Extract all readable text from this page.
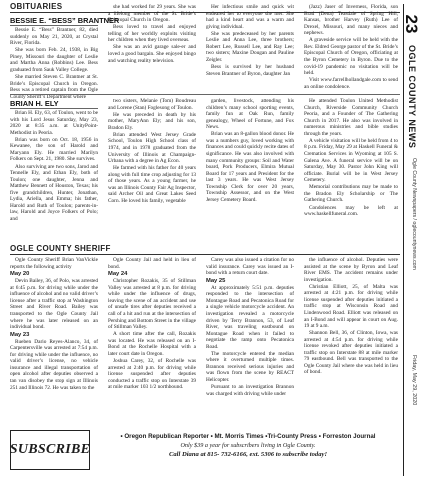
23
OGLE COUNTY NEWS
Ogle County Newspapers / oglecountynews.com
Friday, May 29, 2020
OBITUARIES
BESSIE E. “BESS” BRANTNER

Bessie E. “Bess” Brantner, 82, died suddenly on May 21, 2020, at Crystal River, Florida.

She was born Feb. 24, 1938, in Big Piney, Missouri the daughter of Leslie and Martha Anna (Robbins) Lee. Bess graduated from Sauk Valley College.

She married Steven C. Brantner at St. Bride’s Episcopal Church in Oregon. Bess was a retired captain from the Ogle County Sheriff’s Department where

she had worked for 29 years. She was a lifelong member of the St. Bride’s Episcopal Church in Oregon.

Bess loved to travel and enjoyed telling of her worldly exploits visiting her children when they lived overseas.

She was an avid garage sale-er and loved a good bargain. She enjoyed bingo and watching reality television.

Her infectious smile and quick wit endeared her to everyone she met. She had a kind heart and was a warm and giving individual.

She was predeceased by her parents Leslie and Anna Lee, three brothers; Robert Lee, Russell Lee, and Ray Lee; two sisters; Maxine Dougan and Pauline Zeigler.

Bess is survived by her husband Steven Brantner of Byron, daughter Jan

(Jazz) Jaser of Inverness, Florida, son Brad (Dena) Teasdale of Spring Hill, Kansas, brother Harvey (Ruth) Lee of Drexel, Missouri, and many nieces and nephews.

A graveside service will be held with the Rev. Eldred George pastor of the St. Bride’s Episcopal Church of Oregon, officiating at the Byron Cemetery in Byron. Due to the covid-19 pandemic no visitation will be held.

Visit www.farrellholland​gale.com to send an online condolence.

BRIAN H. ELY

Brian H. Ely, 63, of Toulon, went to be with his Lord Jesus Saturday, May 23, 2020 at 8:35 a.m. at UnityPoint-Methodist in Peoria.

Brian was born on Oct. 18, 1956 in Kewanee, the son of Harold and Maryann Ely. He married Marilyn Folkers on Sept. 21, 1980. She survives.

Also surviving are two sons, Jarod and Tennelle Ely, and Ethan Ely, both of Toulon; one daughter, Jenna and Matthew Bennett of Houston, Texas; his five grandchildren, Hunter, Jonathan, Lydia, Ariella, and Emma; his father, Harold and Ruth of Toulon; parents-in-law, Harold and Joyce Folkers of Polo; and

two sisters, Melanie (Tom) Boudreau and Lorene (Stan) Foglesong of Toulon.

He was preceded in death by his mother, MaryAnn Ely; and his son, Bradon Ely.

Brian attended West Jersey Grade School, Toulon High School class of 1974, and in 1978 graduated from the University of Illinois at Champaign-Urbana with a degree in Ag Econ.

He farmed with his father for 40 years along with full time crop adjusting for 13 of those years. As a young farmer, he was an Illinois County Fair Ag Inspector, said Archer Oil and Great Lakes Seed Corn. He loved his family, vegetable

garden, livestock, attending his children’s many school sporting events, family fun at Oak Run, family genealogy, Wheel of Fortune, and Fox News.

Brian was an 8-gallon blood donor. He was a numbers guy, loved working with finances and could quickly recite dates of significance. He was also involved with many community groups: Soil and Water board, Pork Producers, Elmira Mutual Board for 17 years and President for the last 3 years. He was West Jersey Township Clerk for over 20 years, Township Assessor, and on the West Jersey Cemetery Board.

He attended Toulon United Methodist Church, Riverside Community Church Peoria, and a Founder of The Gathering Church in 2017. He also was involved in numerous ministries and bible studies through the years.

A vehicle visitation will be held from 4 to 8 p.m. Friday, May 29 at Haskell Funeral & Cremation Services in Wyoming at 105 S. Galena Ave. A funeral service will be on Saturday, May 30. Pastor John King will officiate. Burial will be in West Jersey Cemetery.

Memorial contributions may be made to the Bradon Ely Scholarship or The Gathering Church.

Condolences may be left at www.haskellfuneral.com.

OGLE COUNTY SHERIFF

Ogle County Sheriff Brian VanVickle reports the following activity

May 20

Devin Bailey, 36, of Polo, was arrested at 6:45 p.m. for driving while under the influence of alcohol and no valid driver’s license after a traffic stop at Washington Street and River Road. Bailey was transported to the Ogle County Jail where he was later released on an individual bond.

May 23

Rueben Dario Reyes-Alanco, 34, of Carpentersville was arrested at 7:54 p.m. for driving while under the influence, no valid driver’s license, no vehicle insurance and illegal transportation of open alcohol after deputies observed a tan van disobey the stop sign at Illinois 251 and Illinois 72. He was taken to the

Ogle County Jail and held in lieu of bond.

May 24

Christopher Rozakis, 35 of Stillman Valley was arrested at 8 p.m. for driving while under the influence of drugs, leaving the scene of an accident and use of unsafe tires after deputies received a call of a hit and run at the intersection of Pershing and Bottom Street in the village of Stillman Valley.

A short time after the call, Rozakis was located. He was released on an I-Bond at the Rochelle Hospital with a later court date in Oregon.

Joshua Carey, 32, of Rochelle was arrested at 2:40 p.m. for driving while license suspended after deputies conducted a traffic stop on Interstate 39 at mile marker 103 1/2 northbound.

Carey was also issued a citation for no valid insurance. Carey was issued an I-bond with a return court date.

May 25

At approximately 5:51 p.m. deputies responded to the intersection of Montague Road and Pecatonica Road for a single vehicle motorcycle accident. An investigation revealed a motorcycle driven by Terry Brannon, 53, of Leaf River, was traveling eastbound on Montague Road when it failed to negotiate the ramp onto Pecatonica Road.

The motorcycle entered the median where it overturned multiple times. Brannon received serious injuries and was flown from the scene by REACT Helicopter.

Pursuant to an investigation Brannon was charged with driving while under

the influence of alcohol. Deputies were assisted at the scene by Byron and Leaf River EMS. The accident remains under investigation.

Christian Elliott, 25, of Malta was arrested at 4:21 p.m. for driving while license suspended after deputies initiated a traffic stop at Wisconsin Road and Lindenwood Road. Elliott was released on an I-Bond and will appear in court on Aug. 19 at 9 a.m.

Shannon Bell, 36, of Clinton, Iowa, was arrested at 4:54 p.m. for driving while license revoked after deputies initiated a traffic stop on Interstate 88 at mile marker 79 eastbound. Bell was transported to the Ogle County Jail where she was held in lieu of bond.

SUBSCRIBE
• Oregon Republican Reporter • Mt. Morris Times •Tri-County Press • Forreston Journal
Only $39 a year for subscribers living in Ogle County.
Call Diana at 815- 732-6166, ext. 5306 to subscribe today!
